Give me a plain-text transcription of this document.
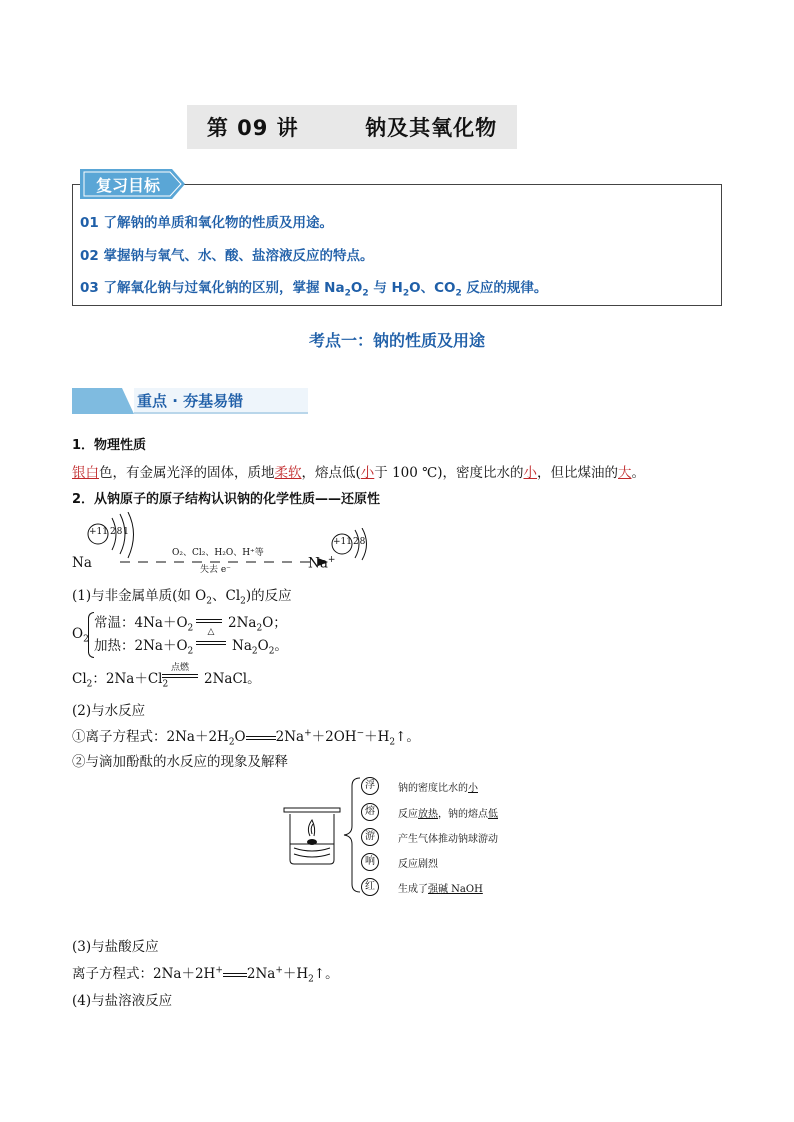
第 09 讲	钠及其氧化物
复习目标
01 了解钠的单质和氧化物的性质及用途。
02 掌握钠与氧气、水、酸、盐溶液反应的特点。
03 了解氧化钠与过氧化钠的区别，掌握 $Na_2O_2$ 与 $H_2O$、$CO_2$ 反应的规律。
考点一：钠的性质及用途
重点 · 夯基易错
1．物理性质
银白色，有金属光泽的固体，质地柔软，熔点低(小于 100 ℃)，密度比水的小，但比煤油的大。
2．从钠原子的原子结构认识钠的化学性质——还原性
+11 2 8 1
Na
O₂、Cl₂、H₂O、H⁺等
失去 e⁻	Na+
+11 2 8
(1)与非金属单质(如 $O_2$、$Cl_2$)的反应
$O_2$
常温：$4Na+O_2$	$2Na_2O$；
加热：$2Na+O_2$
△
$Na_2O_2$。
$Cl_2$：$2Na+Cl_2$
点燃
2NaCl。
(2)与水反应
①离子方程式：$2Na+2H_2O$ $2Na^++2OH^-+H_2↑$。
②与滴加酚酞的水反应的现象及解释
浮	钠的密度比水的小
熔	反应放热，钠的熔点低
游	产生气体推动钠球游动
响	反应剧烈
红	生成了强碱 NaOH
(3)与盐酸反应
离子方程式：2Na＋2H+ $2Na^++H_2↑$。
(4)与盐溶液反应
